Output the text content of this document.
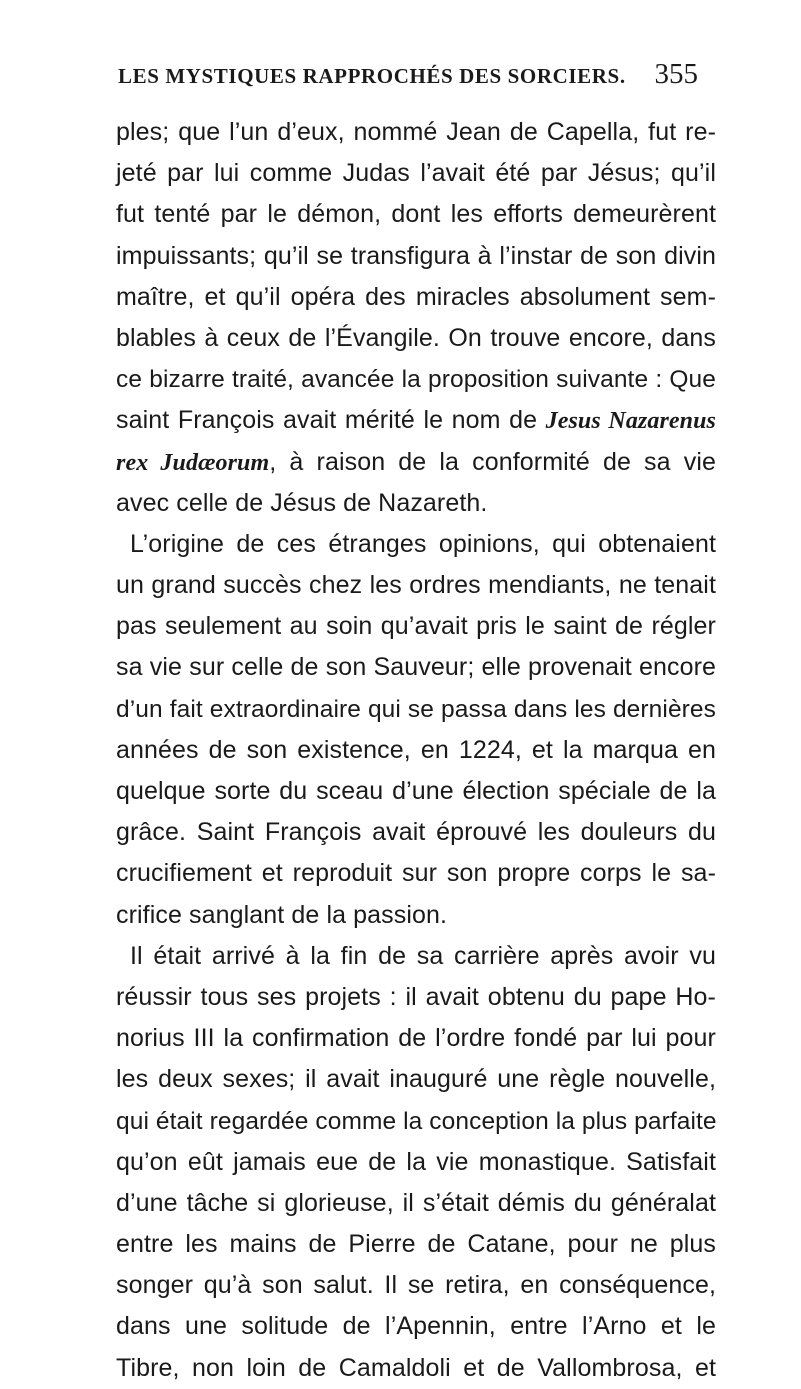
LES MYSTIQUES RAPPROCHÉS DES SORCIERS. 355
ples; que l’un d’eux, nommé Jean de Capella, fut re-
jeté par lui comme Judas l’avait été par Jésus; qu’il
fut tenté par le démon, dont les efforts demeurèrent
impuissants; qu’il se transfigura à l’instar de son divin
maître, et qu’il opéra des miracles absolument sem-
blables à ceux de l’Évangile. On trouve encore, dans
ce bizarre traité, avancée la proposition suivante : Que
saint François avait mérité le nom de Jesus Nazarenus
rex Judæorum, à raison de la conformité de sa vie
avec celle de Jésus de Nazareth.
L’origine de ces étranges opinions, qui obtenaient
un grand succès chez les ordres mendiants, ne tenait
pas seulement au soin qu’avait pris le saint de régler
sa vie sur celle de son Sauveur; elle provenait encore
d’un fait extraordinaire qui se passa dans les dernières
années de son existence, en 1224, et la marqua en
quelque sorte du sceau d’une élection spéciale de la
grâce. Saint François avait éprouvé les douleurs du
crucifiement et reproduit sur son propre corps le sa-
crifice sanglant de la passion.
Il était arrivé à la fin de sa carrière après avoir vu
réussir tous ses projets : il avait obtenu du pape Ho-
norius III la confirmation de l’ordre fondé par lui pour
les deux sexes; il avait inauguré une règle nouvelle,
qui était regardée comme la conception la plus parfaite
qu’on eût jamais eue de la vie monastique. Satisfait
d’une tâche si glorieuse, il s’était démis du généralat
entre les mains de Pierre de Catane, pour ne plus
songer qu’à son salut. Il se retira, en conséquence,
dans une solitude de l’Apennin, entre l’Arno et le
Tibre, non loin de Camaldoli et de Vallombrosa, et
